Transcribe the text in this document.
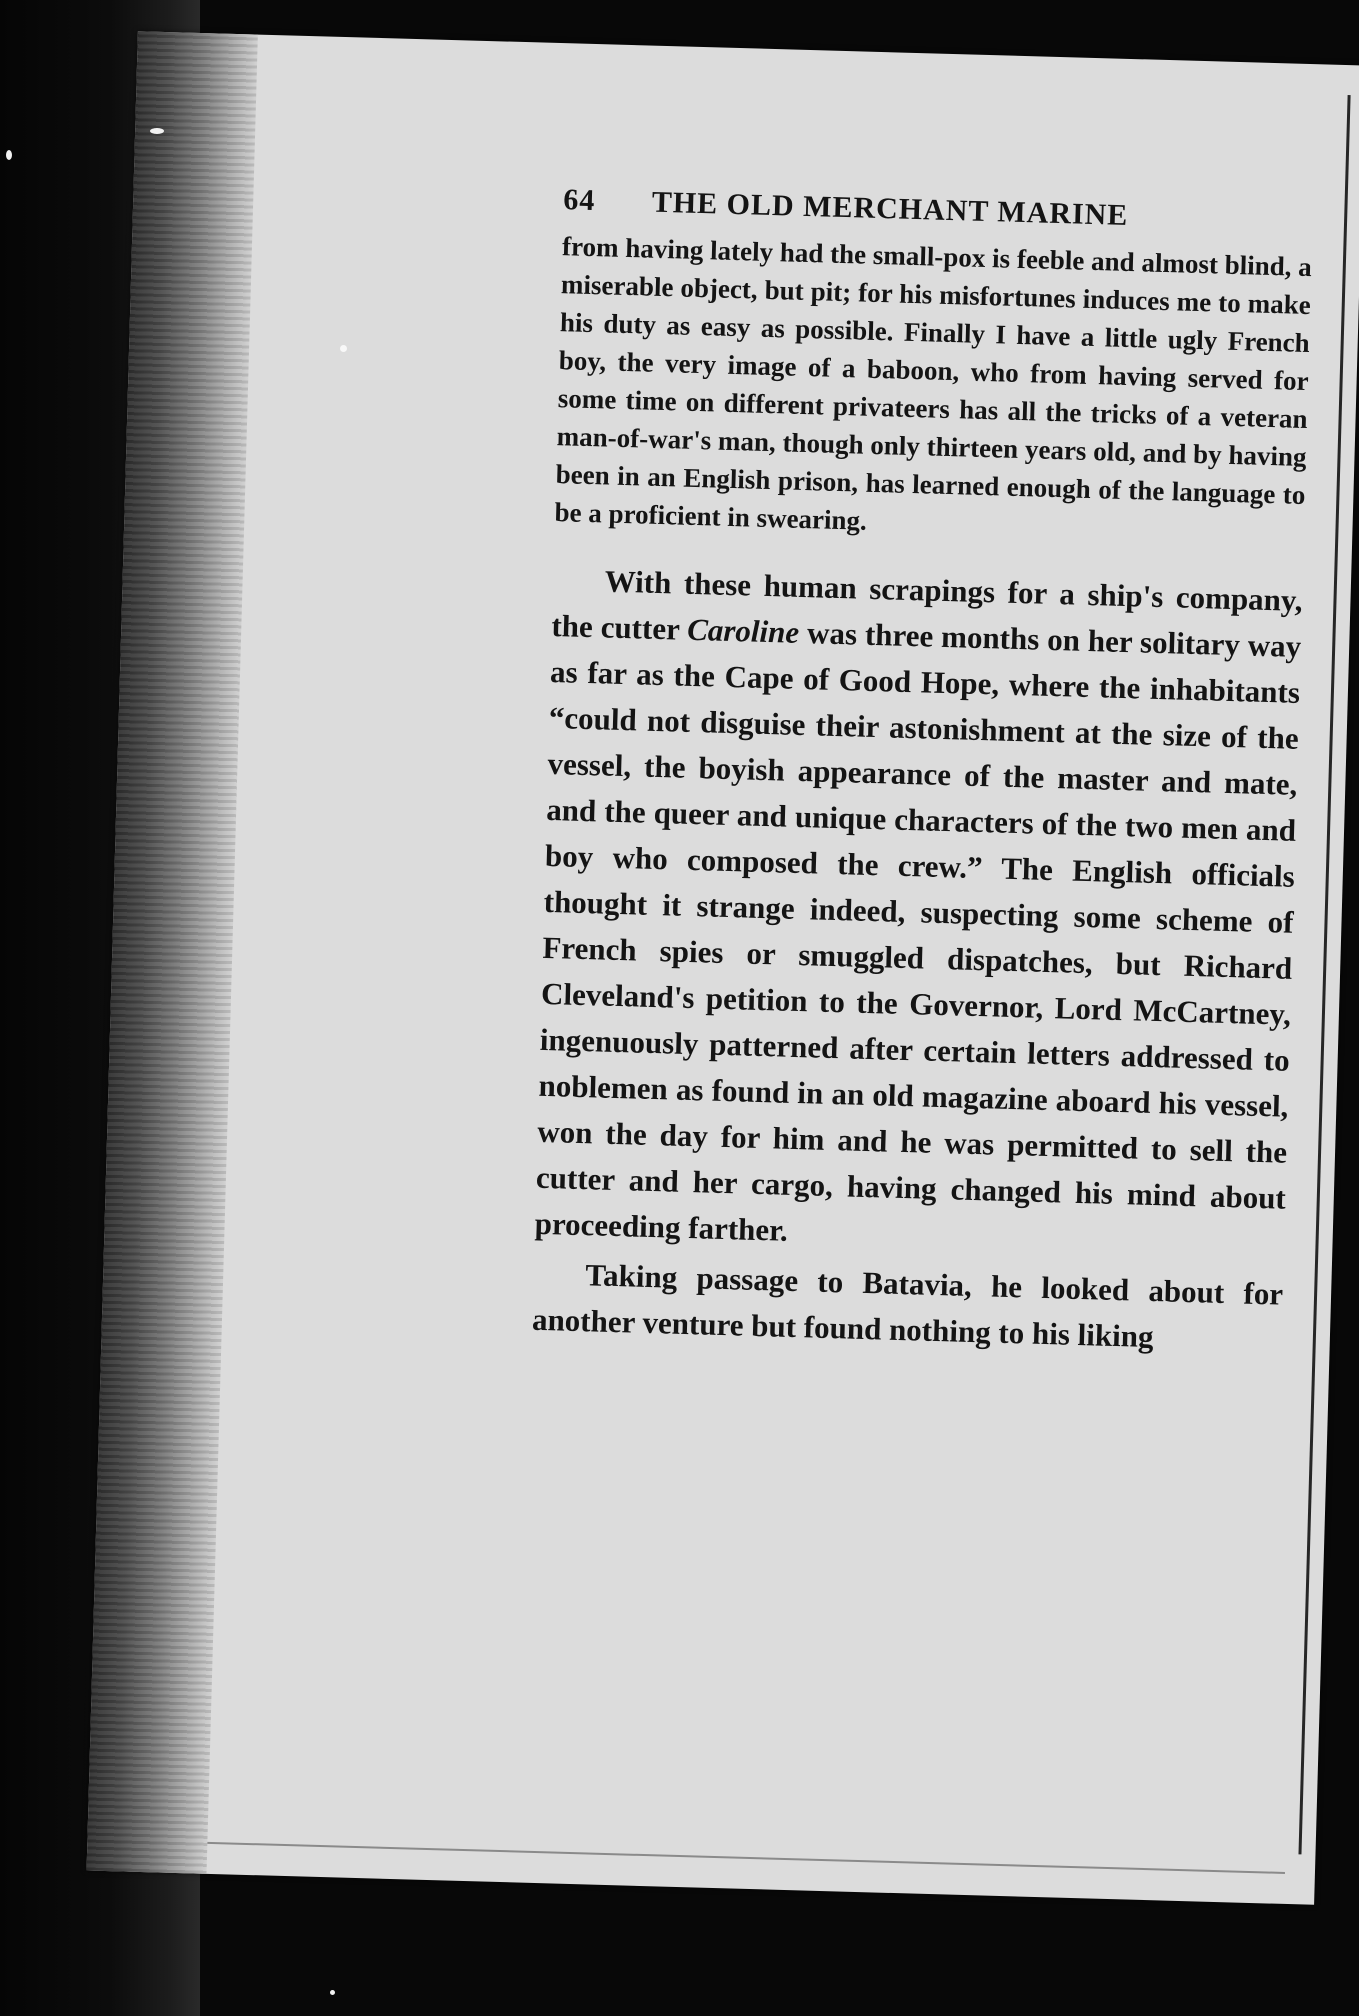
64 THE OLD MERCHANT MARINE

from having lately had the small-pox is feeble and almost blind, a miserable object, but pit; for his misfortunes induces me to make his duty as easy as possible. Finally I have a little ugly French boy, the very image of a baboon, who from having served for some time on different privateers has all the tricks of a veteran man-of-war's man, though only thirteen years old, and by having been in an English prison, has learned enough of the language to be a proficient in swearing.

With these human scrapings for a ship's company, the cutter Caroline was three months on her solitary way as far as the Cape of Good Hope, where the inhabitants “could not disguise their astonishment at the size of the vessel, the boyish appearance of the master and mate, and the queer and unique characters of the two men and boy who composed the crew.” The English officials thought it strange indeed, suspecting some scheme of French spies or smuggled dispatches, but Richard Cleveland's petition to the Governor, Lord McCartney, ingenuously patterned after certain letters addressed to noblemen as found in an old magazine aboard his vessel, won the day for him and he was permitted to sell the cutter and her cargo, having changed his mind about proceeding farther.

Taking passage to Batavia, he looked about for another venture but found nothing to his liking
